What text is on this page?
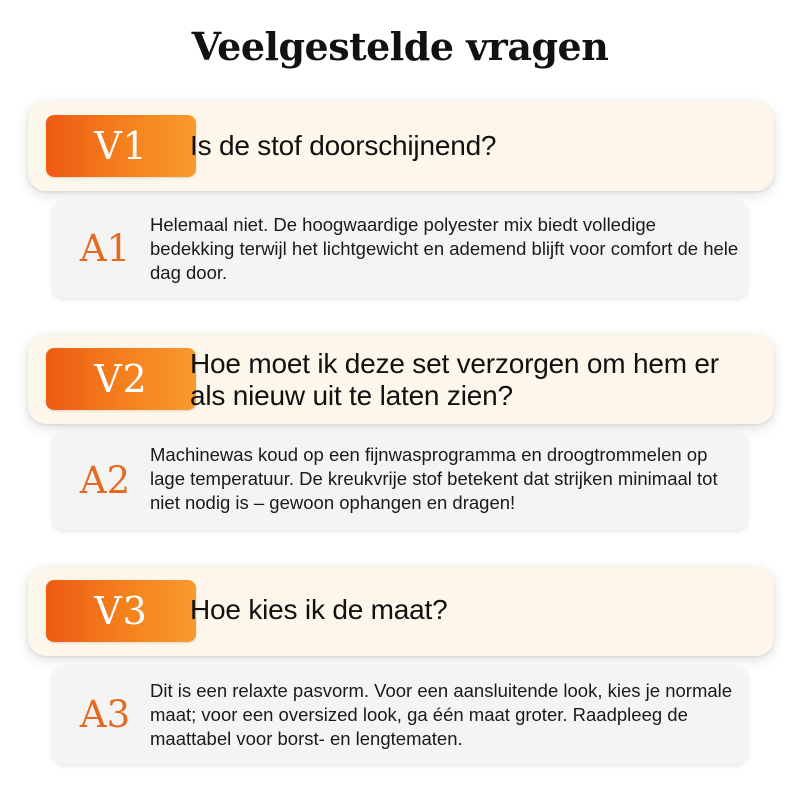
Veelgestelde vragen
V1	Is de stof doorschijnend?
A1
Helemaal niet. De hoogwaardige polyester mix biedt volledige bedekking terwijl het lichtgewicht en ademend blijft voor comfort de hele dag door.
V2	Hoe moet ik deze set verzorgen om hem er als nieuw uit te laten zien?
A2
Machinewas koud op een fijnwasprogramma en droogtrommelen op lage temperatuur. De kreukvrije stof betekent dat strijken minimaal tot niet nodig is – gewoon ophangen en dragen!
V3	Hoe kies ik de maat?
A3
Dit is een relaxte pasvorm. Voor een aansluitende look, kies je normale maat; voor een oversized look, ga één maat groter. Raadpleeg de maattabel voor borst- en lengtematen.
